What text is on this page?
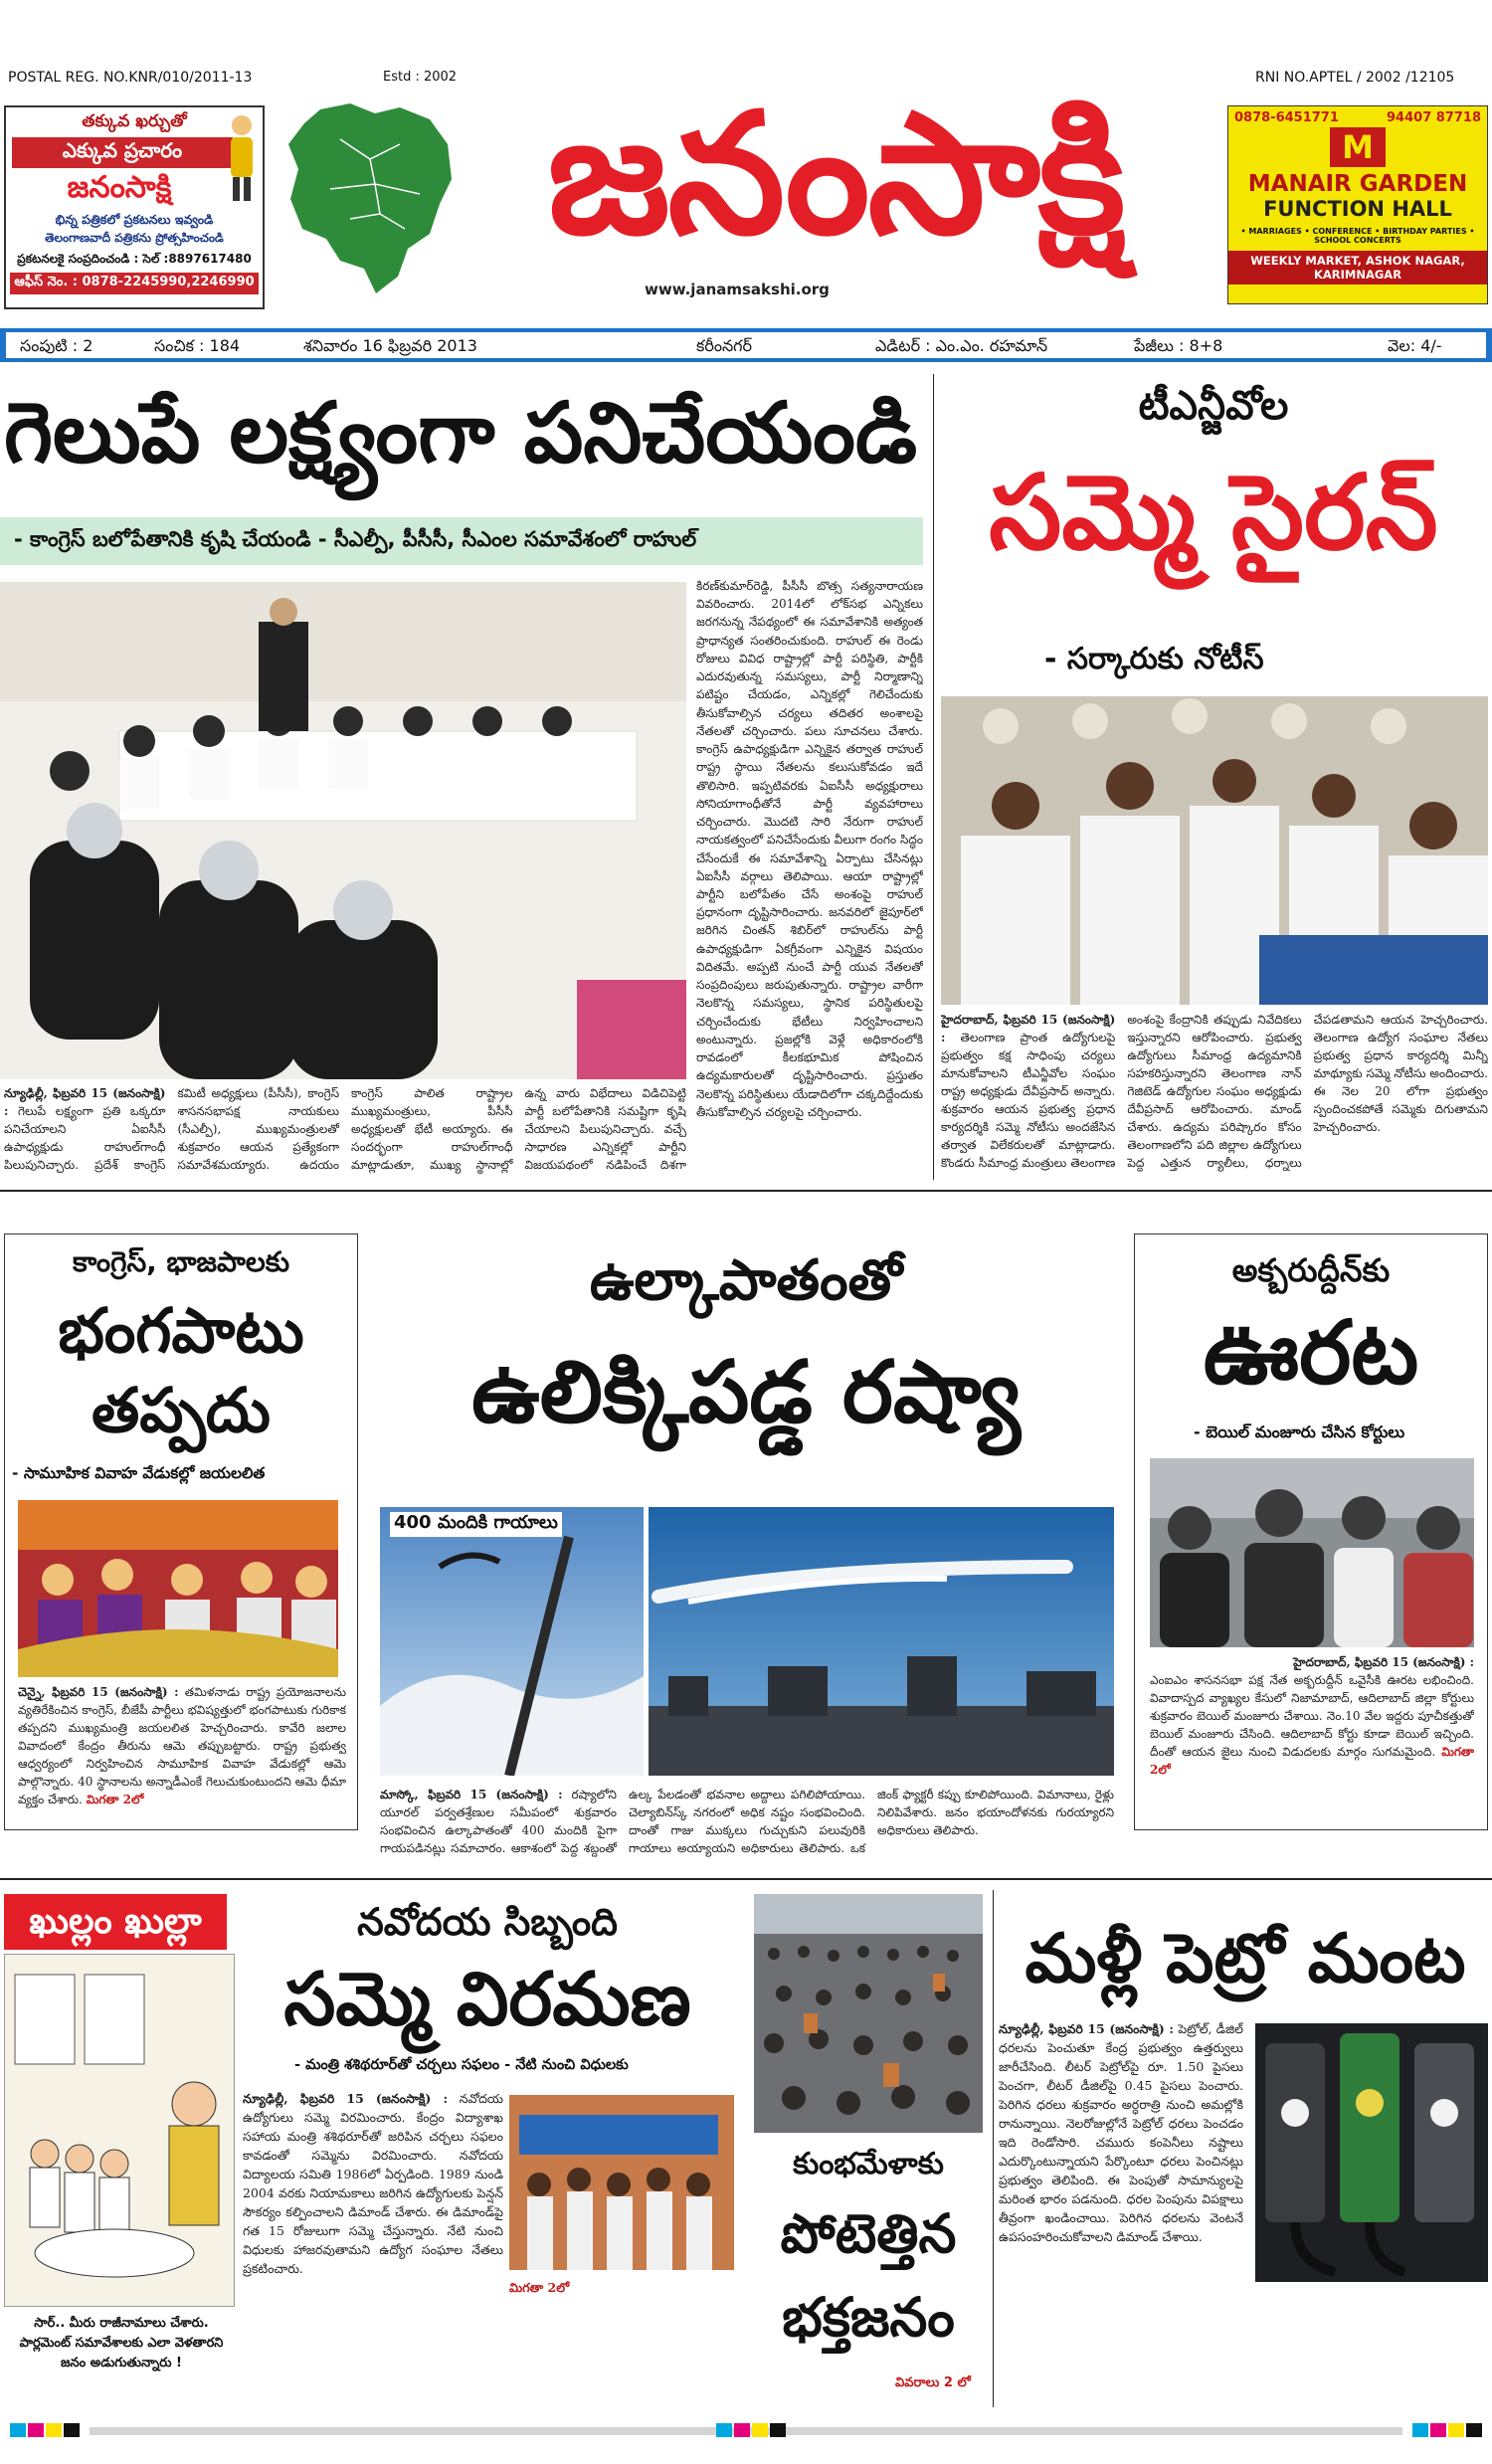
POSTAL REG. NO.KNR/010/2011-13	Estd : 2002	RNI NO.APTEL / 2002 /12105
తక్కువ ఖర్చుతో
ఎక్కువ ప్రచారం
జనంసాక్షి
భిన్న పత్రికలో ప్రకటనలు ఇవ్వండి
తెలంగాణవాదీ పత్రికను ప్రోత్సహించండి
ప్రకటనలకై సంప్రదించండి : సెల్ :8897617480
ఆఫీస్ నెం. : 0878-2245990,2246990
జనంసాక్షి
www.janamsakshi.org
0878-6451771	94407 87718
M
MANAIR GARDEN
FUNCTION HALL
• MARRIAGES • CONFERENCE • BIRTHDAY PARTIES • SCHOOL CONCERTS
WEEKLY MARKET, ASHOK NAGAR, KARIMNAGAR
సంపుటి : 2	సంచిక : 184	శనివారం 16 ఫిబ్రవరి 2013	కరీంనగర్	ఎడిటర్ : ఎం.ఎం. రహమాన్	పేజీలు : 8+8	వెల: 4/-
గెలుపే లక్ష్యంగా పనిచేయండి
- కాంగ్రెస్ బలోపేతానికి కృషి చేయండి - సీఎల్పీ, పీసీసీ, సీఎంల సమావేశంలో రాహుల్
కిరణ్‌కుమార్‌రెడ్డి, పీసీసీ బొత్స సత్యనారాయణ వివరించారు. 2014లో లోక్‌సభ ఎన్నికలు జరగనున్న నేపథ్యంలో ఈ సమావేశానికి అత్యంత ప్రాధాన్యత సంతరించుకుంది. రాహుల్ ఈ రెండు రోజులు వివిధ రాష్ట్రాల్లో పార్టీ పరిస్థితి, పార్టీకి ఎదురవుతున్న సమస్యలు, పార్టీ నిర్మాణాన్ని పటిష్టం చేయడం, ఎన్నికల్లో గెలిచేందుకు తీసుకోవాల్సిన చర్యలు తదితర అంశాలపై నేతలతో చర్చించారు. పలు సూచనలు చేశారు. కాంగ్రెస్ ఉపాధ్యక్షుడిగా ఎన్నికైన తర్వాత రాహుల్ రాష్ట్ర స్థాయి నేతలను కలుసుకోవడం ఇదే తొలిసారి. ఇప్పటివరకు ఏఐసీసీ అధ్యక్షురాలు సోనియాగాంధీతోనే పార్టీ వ్యవహారాలు చర్చించారు. మొదటి సారి నేరుగా రాహుల్ నాయకత్వంలో పనిచేసేందుకు వీలుగా రంగం సిద్ధం చేసేందుకే ఈ సమావేశాన్ని ఏర్పాటు చేసినట్లు ఏఐసీసీ వర్గాలు తెలిపాయి. ఆయా రాష్ట్రాల్లో పార్టీని బలోపేతం చేసే అంశంపై రాహుల్ ప్రధానంగా దృష్టిసారించారు. జనవరిలో జైపూర్‌లో జరిగిన చింతన్ శిబిర్‌లో రాహుల్‌ను పార్టీ ఉపాధ్యక్షుడిగా ఏకగ్రీవంగా ఎన్నికైన విషయం విదితమే. అప్పటి నుంచే పార్టీ యువ నేతలతో సంప్రదింపులు జరుపుతున్నారు. రాష్ట్రాల వారీగా నెలకొన్న సమస్యలు, స్థానిక పరిస్థితులపై చర్చించేందుకు భేటీలు నిర్వహించాలని అంటున్నారు. ప్రజల్లోకి వెళ్లే అధికారంలోకి రావడంలో కీలకభూమిక పోషించిన ఉద్యమకారులతో దృష్టిసారించారు. ప్రస్తుతం నెలకొన్న పరిస్థితులు యేడాదిలోగా చక్కదిద్దేందుకు తీసుకోవాల్సిన చర్యలపై చర్చించారు.
న్యూఢిల్లీ, ఫిబ్రవరి 15 (జనంసాక్షి) : గెలుపే లక్ష్యంగా ప్రతి ఒక్కరూ పనిచేయాలని ఏఐసీసీ ఉపాధ్యక్షుడు రాహుల్‌గాంధీ పిలుపునిచ్చారు. ప్రదేశ్ కాంగ్రెస్ కమిటీ అధ్యక్షులు (పీసీసీ), కాంగ్రెస్ శాసనసభాపక్ష నాయకులు (సీఎల్పీ), ముఖ్యమంత్రులతో శుక్రవారం ఆయన ప్రత్యేకంగా సమావేశమయ్యారు. ఉదయం కాంగ్రెస్ పాలిత రాష్ట్రాల ముఖ్యమంత్రులు, పీసీసీ అధ్యక్షులతో భేటీ అయ్యారు. ఈ సందర్భంగా రాహుల్‌గాంధీ మాట్లాడుతూ, ముఖ్య స్థానాల్లో ఉన్న వారు విభేదాలు విడిచిపెట్టి పార్టీ బలోపేతానికి సమష్టిగా కృషి చేయాలని పిలుపునిచ్చారు. వచ్చే సాధారణ ఎన్నికల్లో పార్టీని విజయపథంలో నడిపించే దిశగా
టీఎన్జీవోల
సమ్మె సైరన్
- సర్కారుకు నోటీస్
హైదరాబాద్, ఫిబ్రవరి 15 (జనంసాక్షి) : తెలంగాణ ప్రాంత ఉద్యోగులపై ప్రభుత్వం కక్ష సాధింపు చర్యలు మానుకోవాలని టీఎన్జీవోల సంఘం రాష్ట్ర అధ్యక్షుడు దేవీప్రసాద్ అన్నారు. శుక్రవారం ఆయన ప్రభుత్వ ప్రధాన కార్యదర్శికి సమ్మె నోటీసు అందజేసిన తర్వాత విలేకరులతో మాట్లాడారు. కొండరు సీమాంధ్ర మంత్రులు తెలంగాణ అంశంపై కేంద్రానికి తప్పుడు నివేదికలు ఇస్తున్నారని ఆరోపించారు. ప్రభుత్వ ఉద్యోగులు సీమాంధ్ర ఉద్యమానికి సహకరిస్తున్నారని తెలంగాణ నాన్ గెజిటెడ్ ఉద్యోగుల సంఘం అధ్యక్షుడు దేవీప్రసాద్ ఆరోపించారు. మాండ్ చేశారు. ఉద్యమ పరిష్కారం కోసం తెలంగాణలోని పది జిల్లాల ఉద్యోగులు పెద్ద ఎత్తున ర్యాలీలు, ధర్నాలు చేపడతామని ఆయన హెచ్చరించారు. తెలంగాణ ఉద్యోగ సంఘాల నేతలు ప్రభుత్వ ప్రధాన కార్యదర్శి మిన్నీ మాథ్యూకు సమ్మె నోటీసు అందించారు. ఈ నెల 20 లోగా ప్రభుత్వం స్పందించకపోతే సమ్మెకు దిగుతామని హెచ్చరించారు.
కాంగ్రెస్, భాజపాలకు
భంగపాటు
తప్పదు
- సామూహిక వివాహ వేడుకల్లో జయలలిత
చెన్నై, ఫిబ్రవరి 15 (జనంసాక్షి) : తమిళనాడు రాష్ట్ర ప్రయోజనాలను వ్యతిరేకించిన కాంగ్రెస్, బీజేపీ పార్టీలు భవిష్యత్తులో భంగపాటుకు గురికాక తప్పదని ముఖ్యమంత్రి జయలలిత హెచ్చరించారు. కావేరి జలాల వివాదంలో కేంద్రం తీరును ఆమె తప్పుబట్టారు. రాష్ట్ర ప్రభుత్వ ఆధ్వర్యంలో నిర్వహించిన సామూహిక వివాహ వేడుకల్లో ఆమె పాల్గొన్నారు. 40 స్థానాలను అన్నాడీఎంకే గెలుచుకుంటుందని ఆమె ధీమా వ్యక్తం చేశారు. మిగతా 2లో
ఉల్కాపాతంతో
ఉలిక్కిపడ్డ రష్యా
400 మందికి గాయాలు
మాస్కో, ఫిబ్రవరి 15 (జనంసాక్షి) : రష్యాలోని యూరల్ పర్వతశ్రేణుల సమీపంలో శుక్రవారం సంభవించిన ఉల్కాపాతంతో 400 మందికి పైగా గాయపడినట్లు సమాచారం. ఆకాశంలో పెద్ద శబ్దంతో ఉల్క పేలడంతో భవనాల అద్దాలు పగిలిపోయాయి. చెల్యాబిన్‌స్క్ నగరంలో అధిక నష్టం సంభవించింది. దాంతో గాజు ముక్కలు గుచ్చుకుని పలువురికి గాయాలు అయ్యాయని అధికారులు తెలిపారు. ఒక జింక్ ఫ్యాక్టరీ కప్పు కూలిపోయింది. విమానాలు, రైళ్లు నిలిపివేశారు. జనం భయాందోళనకు గురయ్యారని అధికారులు తెలిపారు.
అక్బరుద్దీన్‌కు
ఊరట
- బెయిల్ మంజూరు చేసిన కోర్టులు
హైదరాబాద్, ఫిబ్రవరి 15 (జనంసాక్షి) :
ఎంఐఎం శాసనసభా పక్ష నేత అక్బరుద్దీన్ ఒవైసీకి ఊరట లభించింది. వివాదాస్పద వ్యాఖ్యల కేసులో నిజామాబాద్, ఆదిలాబాద్ జిల్లా కోర్టులు శుక్రవారం బెయిల్ మంజూరు చేశాయి. నెం.10 వేల ఇద్దరు పూచీకత్తుతో బెయిల్ మంజూరు చేసింది. ఆదిలాబాద్ కోర్టు కూడా బెయిల్ ఇచ్చింది. దీంతో ఆయన జైలు నుంచి విడుదలకు మార్గం సుగమమైంది. మిగతా 2లో
ఖుల్లం ఖుల్లా
సార్.. మీరు రాజీనామాలు చేశారు. పార్లమెంట్ సమావేశాలకు ఎలా వెళతారని జనం అడుగుతున్నారు !
నవోదయ సిబ్బంది
సమ్మె విరమణ
- మంత్రి శశిథరూర్‌తో చర్చలు సఫలం - నేటి నుంచి విధులకు
న్యూఢిల్లీ, ఫిబ్రవరి 15 (జనంసాక్షి) : నవోదయ ఉద్యోగులు సమ్మె విరమించారు. కేంద్రం విద్యాశాఖ సహాయ మంత్రి శశిథరూర్‌తో జరిపిన చర్చలు సఫలం కావడంతో సమ్మెను విరమించారు. నవోదయ విద్యాలయ సమితి 1986లో ఏర్పడింది. 1989 నుండి 2004 వరకు నియామకాలు జరిగిన ఉద్యోగులకు పెన్షన్ సౌకర్యం కల్పించాలని డిమాండ్ చేశారు. ఈ డిమాండ్‌పై గత 15 రోజులుగా సమ్మె చేస్తున్నారు. నేటి నుంచి విధులకు హాజరవుతామని ఉద్యోగ సంఘాల నేతలు ప్రకటించారు.
మిగతా 2లో
కుంభమేళాకు
పోటెత్తిన
భక్తజనం
వివరాలు 2 లో
మళ్లీ పెట్రో మంట
న్యూఢిల్లీ, ఫిబ్రవరి 15 (జనంసాక్షి) : పెట్రోల్, డీజిల్ ధరలను పెంచుతూ కేంద్ర ప్రభుత్వం ఉత్తర్వులు జారీచేసింది. లీటర్ పెట్రోల్‌పై రూ. 1.50 పైసలు పెంచగా, లీటర్ డీజిల్‌పై 0.45 పైసలు పెంచారు. పెరిగిన ధరలు శుక్రవారం అర్ధరాత్రి నుంచి అమల్లోకి రానున్నాయి. నెలరోజుల్లోనే పెట్రోల్ ధరలు పెంచడం ఇది రెండోసారి. చమురు కంపెనీలు నష్టాలు ఎదుర్కొంటున్నాయని పేర్కొంటూ ధరలు పెంచినట్లు ప్రభుత్వం తెలిపింది. ఈ పెంపుతో సామాన్యులపై మరింత భారం పడనుంది. ధరల పెంపును విపక్షాలు తీవ్రంగా ఖండించాయి. పెరిగిన ధరలను వెంటనే ఉపసంహరించుకోవాలని డిమాండ్ చేశాయి.
